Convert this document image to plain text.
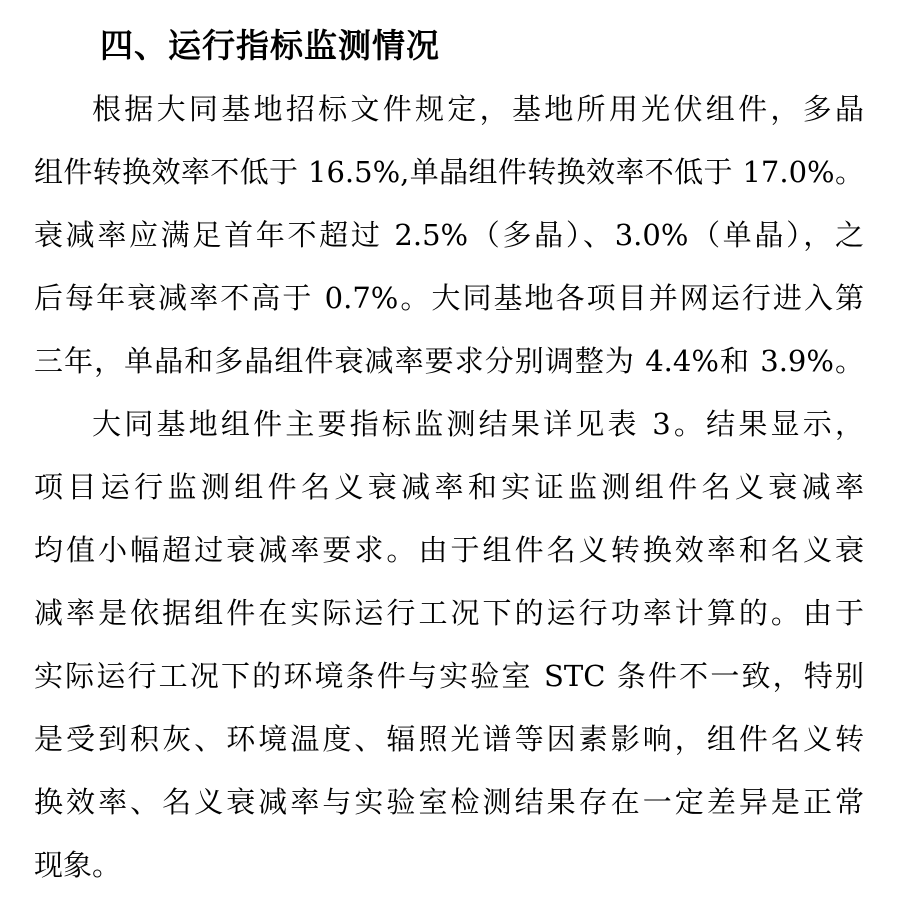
四、运行指标监测情况

根据大同基地招标文件规定，基地所用光伏组件，多晶

组件转换效率不低于 16.5%,单晶组件转换效率不低于 17.0%。

衰减率应满足首年不超过 2.5%（多晶）、3.0%（单晶），之

后每年衰减率不高于 0.7%。大同基地各项目并网运行进入第

三年，单晶和多晶组件衰减率要求分别调整为 4.4%和 3.9%。

大同基地组件主要指标监测结果详见表 3。结果显示，

项目运行监测组件名义衰减率和实证监测组件名义衰减率

均值小幅超过衰减率要求。由于组件名义转换效率和名义衰

减率是依据组件在实际运行工况下的运行功率计算的。由于

实际运行工况下的环境条件与实验室 STC 条件不一致，特别

是受到积灰、环境温度、辐照光谱等因素影响，组件名义转

换效率、名义衰减率与实验室检测结果存在一定差异是正常

现象。
